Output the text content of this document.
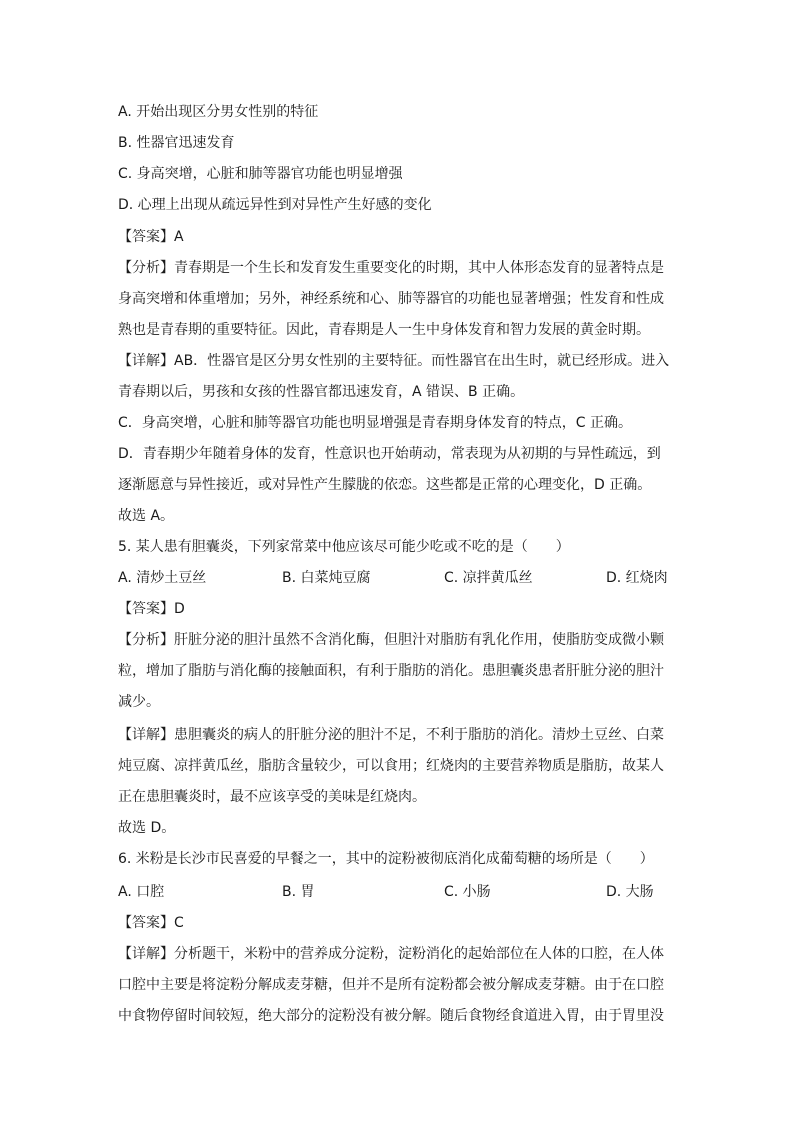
A. 开始出现区分男女性别的特征
B. 性器官迅速发育
C. 身高突增，心脏和肺等器官功能也明显增强
D. 心理上出现从疏远异性到对异性产生好感的变化
【答案】A
【分析】青春期是一个生长和发育发生重要变化的时期，其中人体形态发育的显著特点是
身高突增和体重增加；另外，神经系统和心、肺等器官的功能也显著增强；性发育和性成
熟也是青春期的重要特征。因此，青春期是人一生中身体发育和智力发展的黄金时期。
【详解】AB．性器官是区分男女性别的主要特征。而性器官在出生时，就已经形成。进入
青春期以后，男孩和女孩的性器官都迅速发育，A 错误、B 正确。
C．身高突增，心脏和肺等器官功能也明显增强是青春期身体发育的特点，C 正确。
D．青春期少年随着身体的发育，性意识也开始萌动，常表现为从初期的与异性疏远，到
逐渐愿意与异性接近，或对异性产生朦胧的依恋。这些都是正常的心理变化，D 正确。
故选 A。
5. 某人患有胆囊炎，下列家常菜中他应该尽可能少吃或不吃的是（　　）
A. 清炒土豆丝	B. 白菜炖豆腐	C. 凉拌黄瓜丝	D. 红烧肉
【答案】D
【分析】肝脏分泌的胆汁虽然不含消化酶，但胆汁对脂肪有乳化作用，使脂肪变成微小颗
粒，增加了脂肪与消化酶的接触面积，有利于脂肪的消化。患胆囊炎患者肝脏分泌的胆汁
减少。
【详解】患胆囊炎的病人的肝脏分泌的胆汁不足，不利于脂肪的消化。清炒土豆丝、白菜
炖豆腐、凉拌黄瓜丝，脂肪含量较少，可以食用；红烧肉的主要营养物质是脂肪，故某人
正在患胆囊炎时，最不应该享受的美味是红烧肉。
故选 D。
6. 米粉是长沙市民喜爱的早餐之一，其中的淀粉被彻底消化成葡萄糖的场所是（　　）
A. 口腔	B. 胃	C. 小肠	D. 大肠
【答案】C
【详解】分析题干，米粉中的营养成分淀粉，淀粉消化的起始部位在人体的口腔，在人体
口腔中主要是将淀粉分解成麦芽糖，但并不是所有淀粉都会被分解成麦芽糖。由于在口腔
中食物停留时间较短，绝大部分的淀粉没有被分解。随后食物经食道进入胃，由于胃里没
